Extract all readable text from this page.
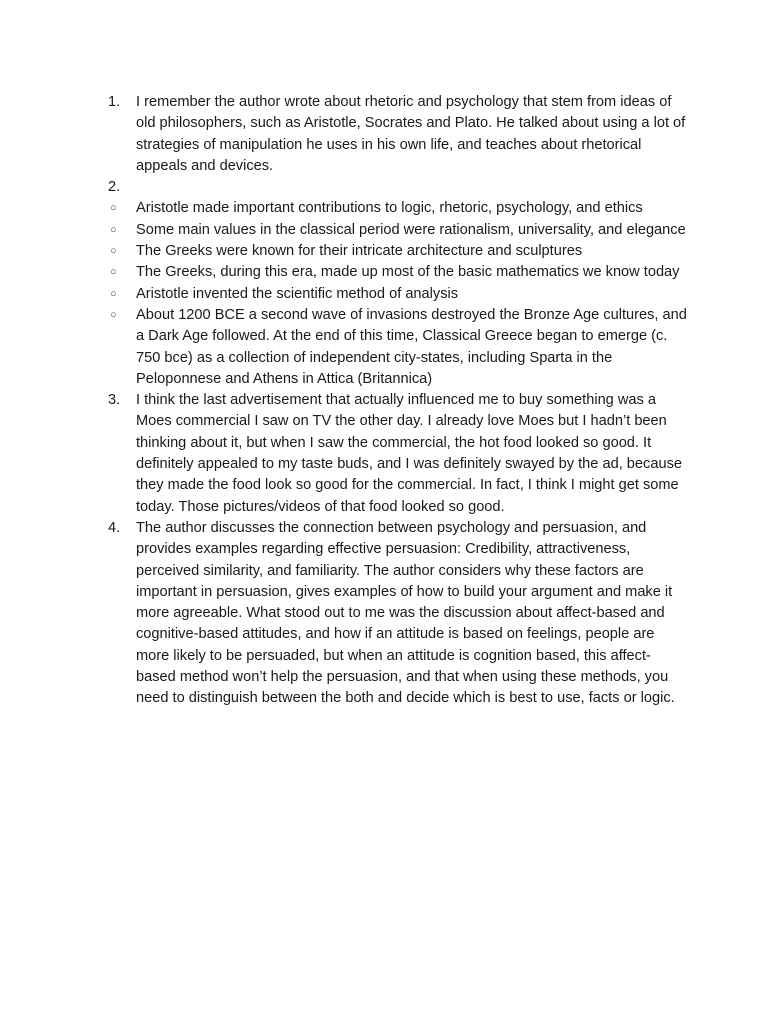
1.	I remember the author wrote about rhetoric and psychology that stem from ideas of old philosophers, such as Aristotle, Socrates and Plato. He talked about using a lot of strategies of manipulation he uses in his own life, and teaches about rhetorical appeals and devices.
2.
○	Aristotle made important contributions to logic, rhetoric, psychology, and ethics
○	Some main values in the classical period were rationalism, universality, and elegance
○	The Greeks were known for their intricate architecture and sculptures
○	The Greeks, during this era, made up most of the basic mathematics we know today
○	Aristotle invented the scientific method of analysis
○	About 1200 BCE a second wave of invasions destroyed the Bronze Age cultures, and a Dark Age followed. At the end of this time, Classical Greece began to emerge (c. 750 bce) as a collection of independent city-states, including Sparta in the Peloponnese and Athens in Attica (Britannica)
3.	I think the last advertisement that actually influenced me to buy something was a Moes commercial I saw on TV the other day. I already love Moes but I hadn’t been thinking about it, but when I saw the commercial, the hot food looked so good. It definitely appealed to my taste buds, and I was definitely swayed by the ad, because they made the food look so good for the commercial. In fact, I think I might get some today. Those pictures/videos of that food looked so good.
4.	The author discusses the connection between psychology and persuasion, and provides examples regarding effective persuasion: Credibility, attractiveness, perceived similarity, and familiarity. The author considers why these factors are important in persuasion, gives examples of how to build your argument and make it more agreeable. What stood out to me was the discussion about affect-based and cognitive-based attitudes, and how if an attitude is based on feelings, people are more likely to be persuaded, but when an attitude is cognition based, this affect-based method won’t help the persuasion, and that when using these methods, you need to distinguish between the both and decide which is best to use, facts or logic.
